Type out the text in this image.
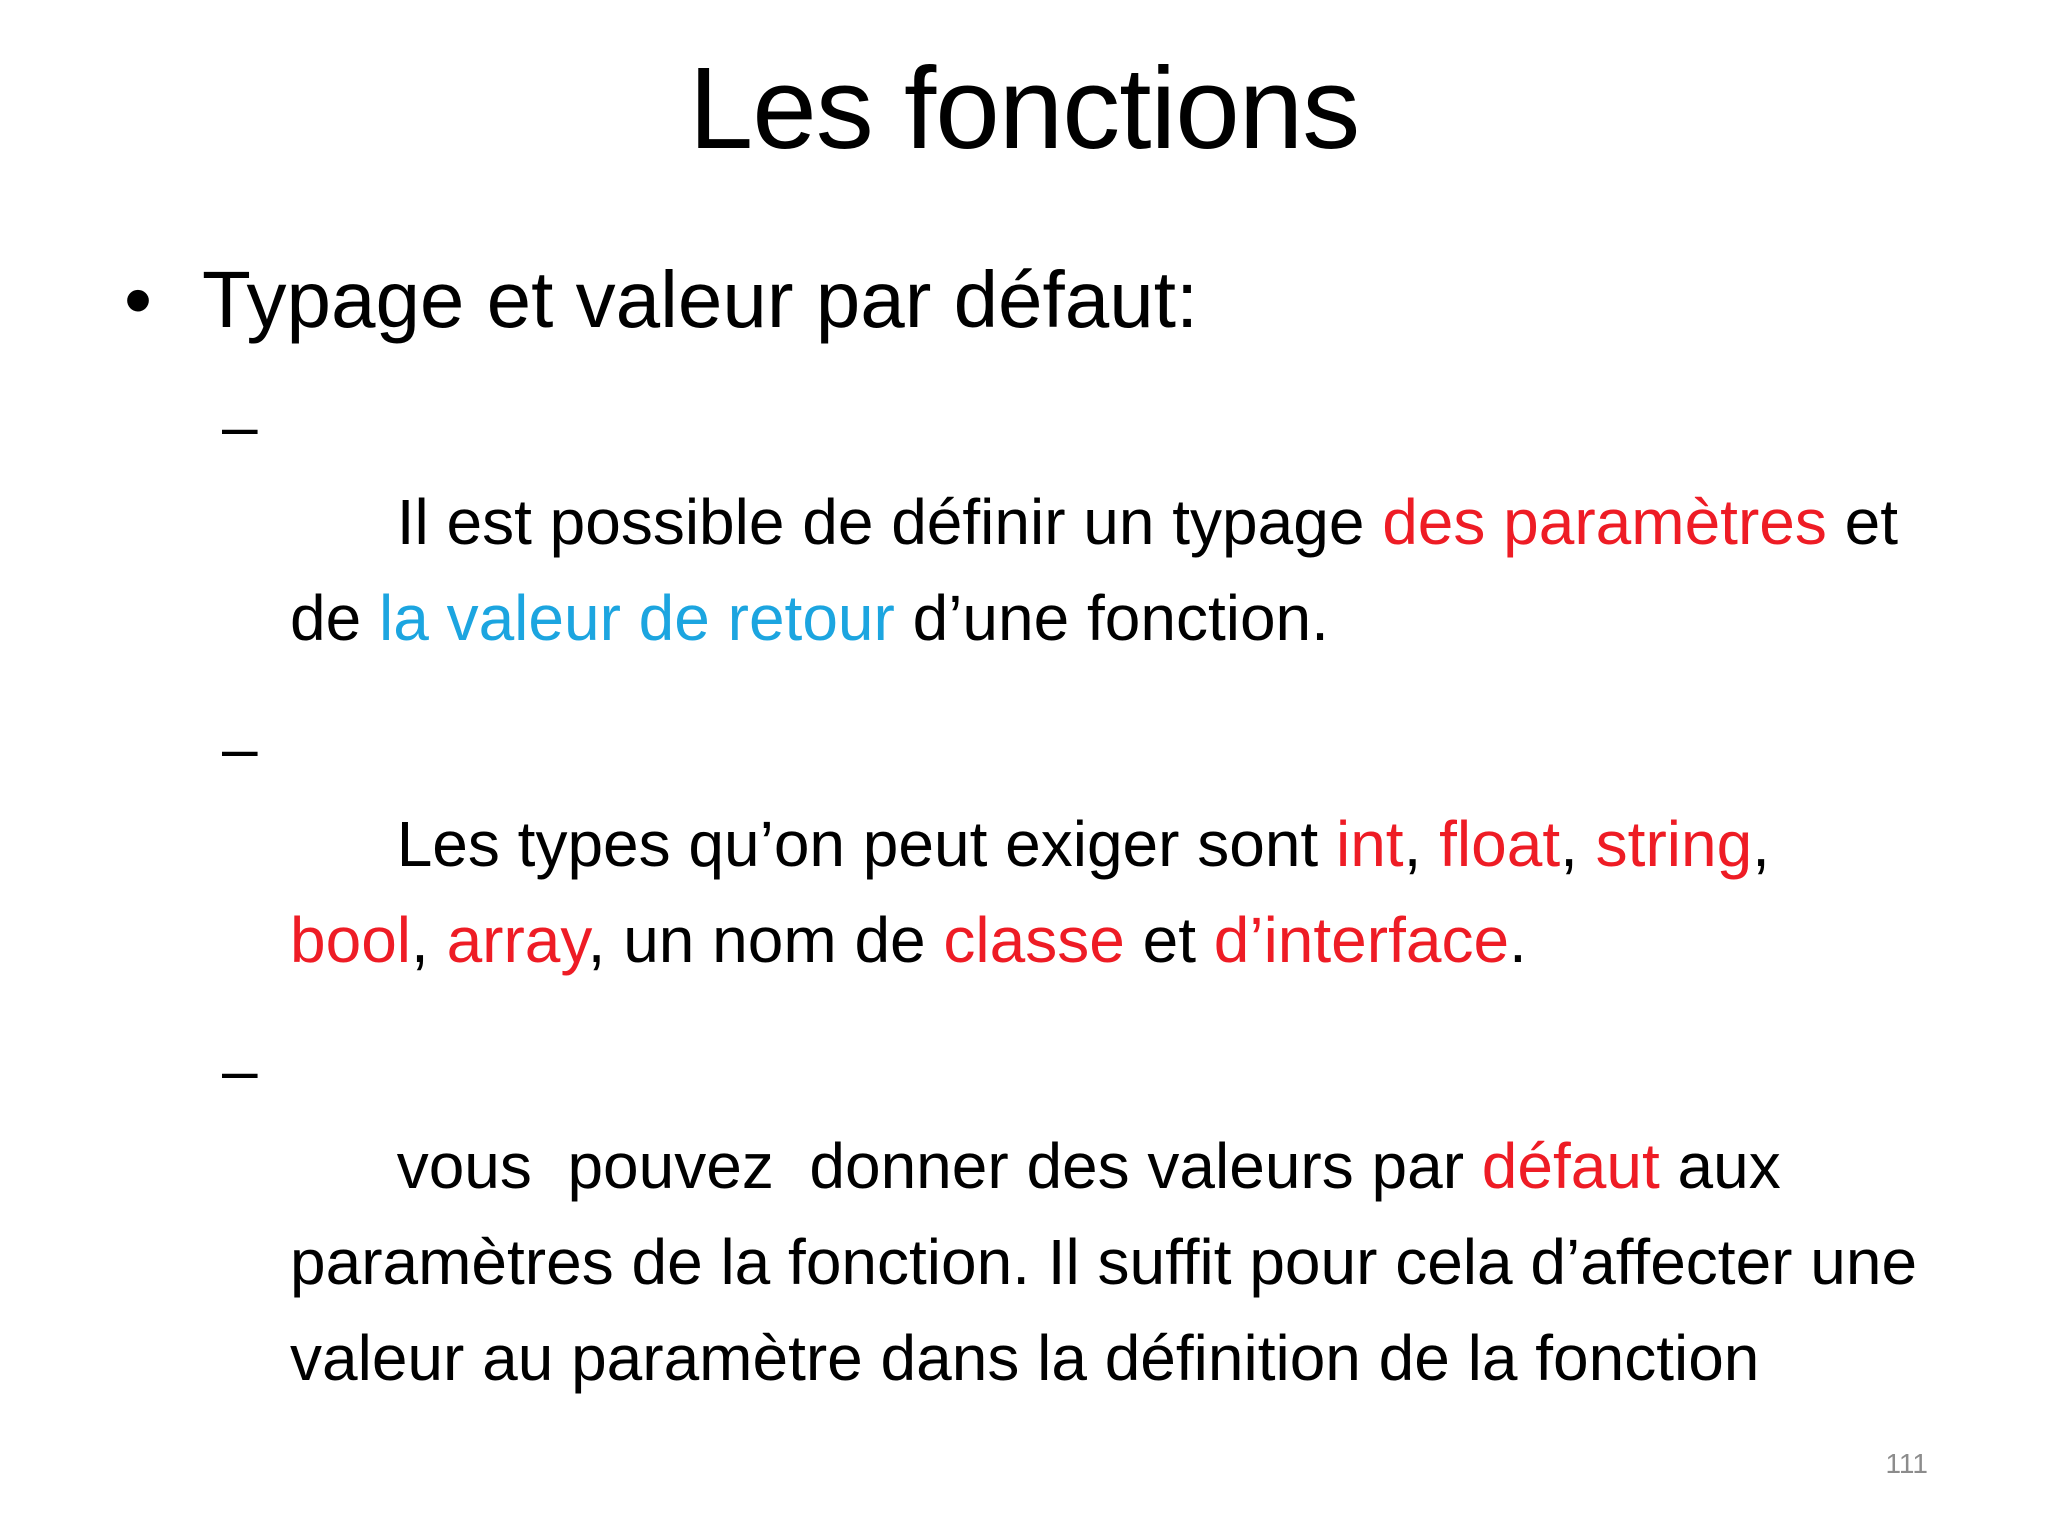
Les fonctions
• Typage et valeur par défaut:
–

Il est possible de définir un typage des paramètres et de la valeur de retour d’une fonction.

–

Les types qu’on peut exiger sont int, float, string, bool, array, un nom de classe et d’interface.

–

vous  pouvez  donner des valeurs par défaut aux paramètres de la fonction. Il suffit pour cela d’affecter une valeur au paramètre dans la définition de la fonction

111
